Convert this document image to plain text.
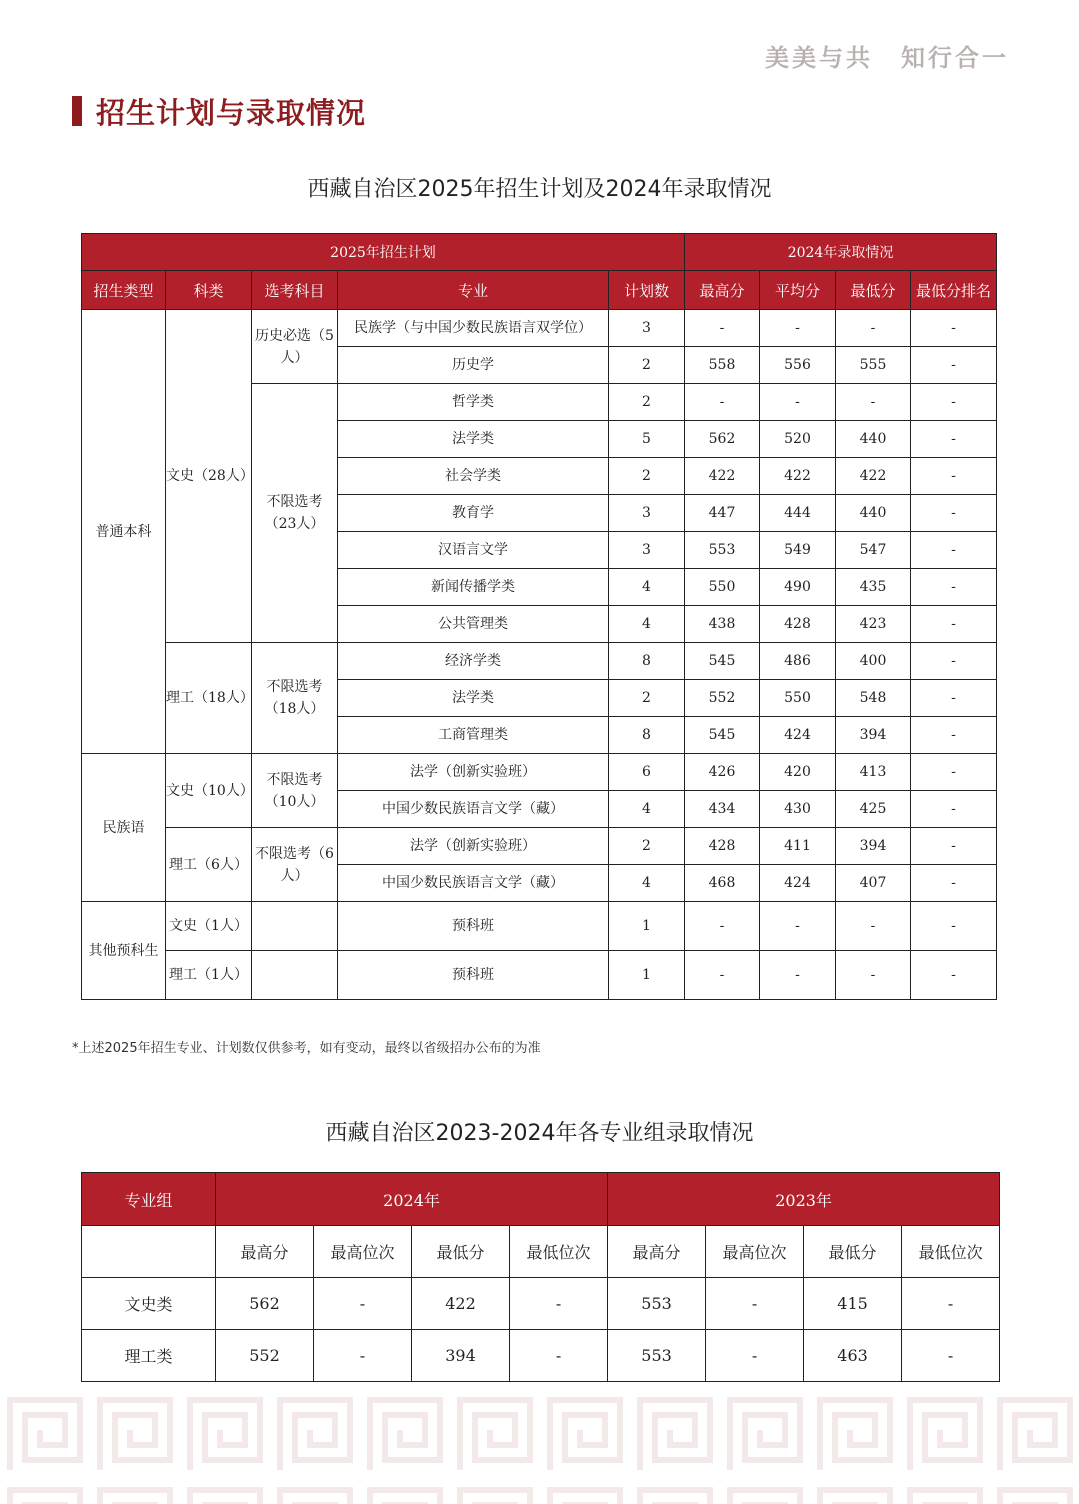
美美与共 知行合一
招生计划与录取情况
西藏自治区2025年招生计划及2024年录取情况
2025年招生计划					2024年录取情况			
招生类型	科类	选考科目	专业	计划数	最高分	平均分	最低分	最低分排名
普通本科	文史（28人）	历史必选（5人）	民族学（与中国少数民族语言双学位）	3	-	-	-	-
			历史学	2	558	556	555	-
		不限选考（23人）	哲学类	2	-	-	-	-
			法学类	5	562	520	440	-
			社会学类	2	422	422	422	-
			教育学	3	447	444	440	-
			汉语言文学	3	553	549	547	-
			新闻传播学类	4	550	490	435	-
			公共管理类	4	438	428	423	-
	理工（18人）	不限选考（18人）	经济学类	8	545	486	400	-
			法学类	2	552	550	548	-
			工商管理类	8	545	424	394	-
民族语	文史（10人）	不限选考（10人）	法学（创新实验班）	6	426	420	413	-
			中国少数民族语言文学（藏）	4	434	430	425	-
	理工（6人）	不限选考（6人）	法学（创新实验班）	2	428	411	394	-
			中国少数民族语言文学（藏）	4	468	424	407	-
其他预科生	文史（1人）		预科班	1	-	-	-	-
	理工（1人）		预科班	1	-	-	-	-
*上述2025年招生专业、计划数仅供参考，如有变动，最终以省级招办公布的为准
西藏自治区2023-2024年各专业组录取情况
专业组	2024年				2023年			
	最高分	最高位次	最低分	最低位次	最高分	最高位次	最低分	最低位次
文史类	562	-	422	-	553	-	415	-
理工类	552	-	394	-	553	-	463	-
